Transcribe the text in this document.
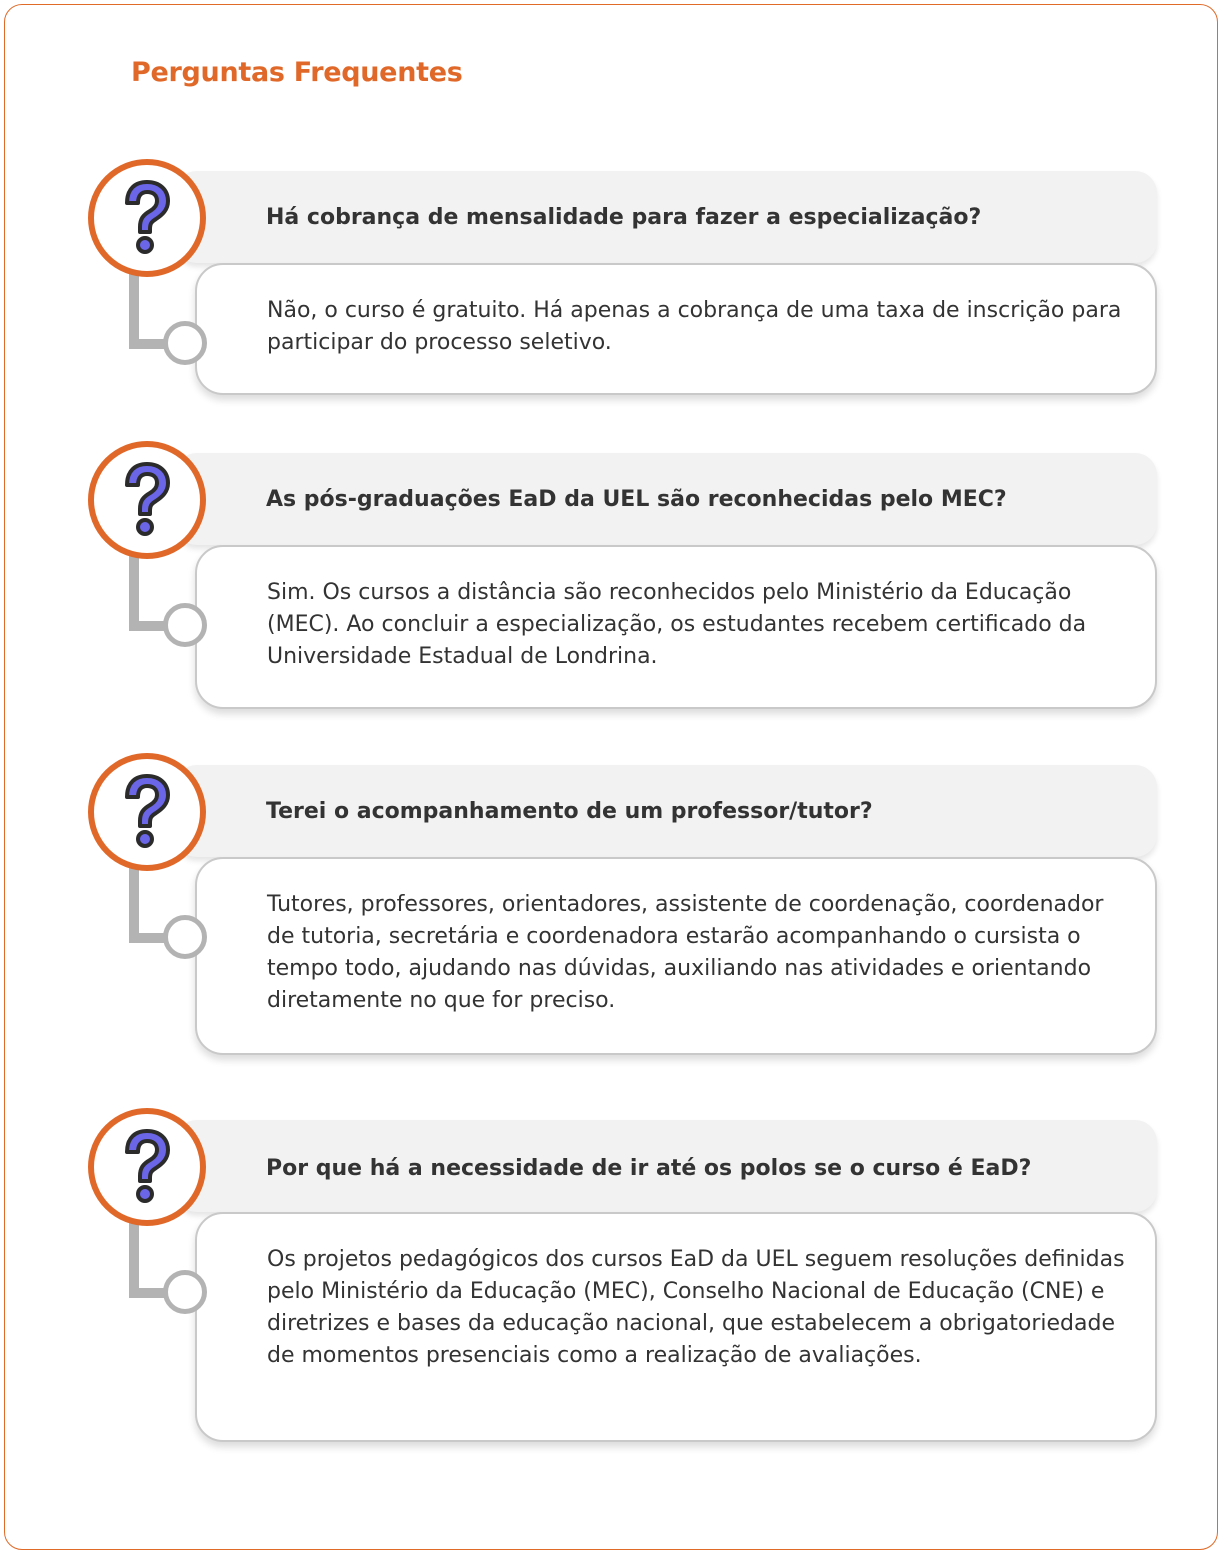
Perguntas Frequentes
Há cobrança de mensalidade para fazer a especialização?
Não, o curso é gratuito. Há apenas a cobrança de uma taxa de inscrição para participar do processo seletivo.
As pós-graduações EaD da UEL são reconhecidas pelo MEC?
Sim. Os cursos a distância são reconhecidos pelo Ministério da Educação (MEC). Ao concluir a especialização, os estudantes recebem certificado da Universidade Estadual de Londrina.
Terei o acompanhamento de um professor/tutor?
Tutores, professores, orientadores, assistente de coordenação, coordenador de tutoria, secretária e coordenadora estarão acompanhando o cursista o tempo todo, ajudando nas dúvidas, auxiliando nas atividades e orientando diretamente no que for preciso.
Por que há a necessidade de ir até os polos se o curso é EaD?
Os projetos pedagógicos dos cursos EaD da UEL seguem resoluções definidas pelo Ministério da Educação (MEC), Conselho Nacional de Educação (CNE) e diretrizes e bases da educação nacional, que estabelecem a obrigatoriedade de momentos presenciais como a realização de avaliações.
